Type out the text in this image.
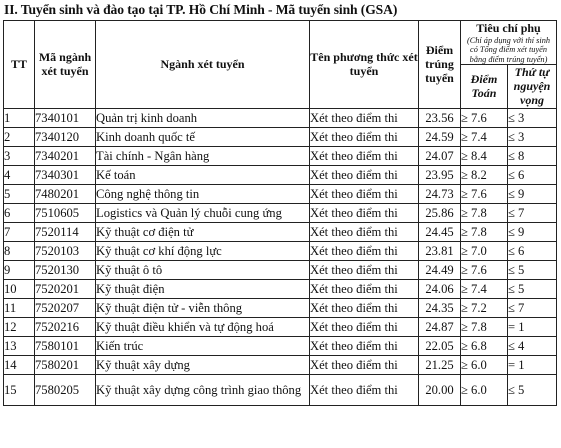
II. Tuyển sinh và đào tạo tại TP. Hồ Chí Minh - Mã tuyển sinh (GSA)
TT	Mã ngành xét tuyển	Ngành xét tuyển	Tên phương thức xét tuyển	Điểm trúng tuyển	Tiêu chí phụ
(Chỉ áp dụng với thí sinh có Tổng điểm xét tuyển bằng điểm trúng tuyển)	

					Điểm Toán	Thứ tự nguyện vọng
1	7340101	Quản trị kinh doanh	Xét theo điểm thi	23.56	≥ 7.6	≤ 3
2	7340120	Kinh doanh quốc tế	Xét theo điểm thi	24.59	≥ 7.4	≤ 3
3	7340201	Tài chính - Ngân hàng	Xét theo điểm thi	24.07	≥ 8.4	≤ 8
4	7340301	Kế toán	Xét theo điểm thi	23.95	≥ 8.2	≤ 6
5	7480201	Công nghệ thông tin	Xét theo điểm thi	24.73	≥ 7.6	≤ 9
6	7510605	Logistics và Quản lý chuỗi cung ứng	Xét theo điểm thi	25.86	≥ 7.8	≤ 7
7	7520114	Kỹ thuật cơ điện tử	Xét theo điểm thi	24.45	≥ 7.8	≤ 9
8	7520103	Kỹ thuật cơ khí động lực	Xét theo điểm thi	23.81	≥ 7.0	≤ 6
9	7520130	Kỹ thuật ô tô	Xét theo điểm thi	24.49	≥ 7.6	≤ 5
10	7520201	Kỹ thuật điện	Xét theo điểm thi	24.06	≥ 7.4	≤ 5
11	7520207	Kỹ thuật điện tử - viễn thông	Xét theo điểm thi	24.35	≥ 7.2	≤ 7
12	7520216	Kỹ thuật điều khiển và tự động hoá	Xét theo điểm thi	24.87	≥ 7.8	= 1
13	7580101	Kiến trúc	Xét theo điểm thi	22.05	≥ 6.8	≤ 4
14	7580201	Kỹ thuật xây dựng	Xét theo điểm thi	21.25	≥ 6.0	= 1
15	7580205	Kỹ thuật xây dựng công trình giao thông	Xét theo điểm thi	20.00	≥ 6.0	≤ 5
